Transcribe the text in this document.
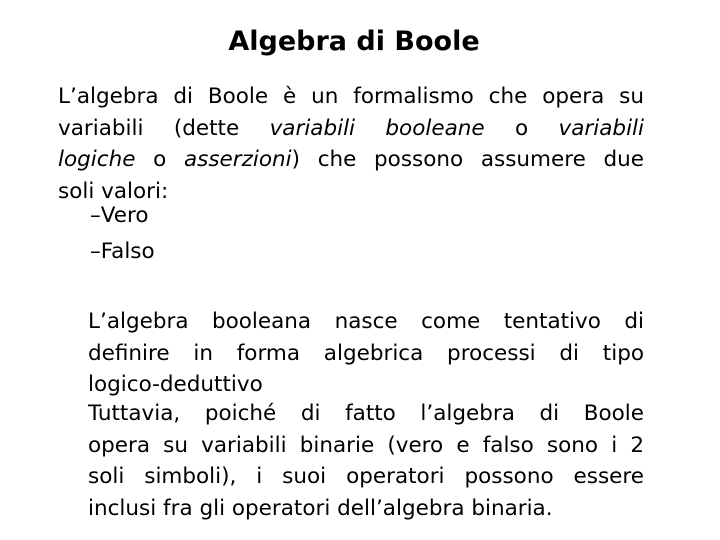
Algebra di Boole
L’algebra di Boole è un formalismo che opera su
variabili (dette variabili booleane o variabili
logiche o asserzioni) che possono assumere due
soli valori:
–Vero
–Falso
L’algebra booleana nasce come tentativo di
definire in forma algebrica processi di tipo
logico-deduttivo
Tuttavia, poiché di fatto l’algebra di Boole
opera su variabili binarie (vero e falso sono i 2
soli simboli), i suoi operatori possono essere
inclusi fra gli operatori dell’algebra binaria.
